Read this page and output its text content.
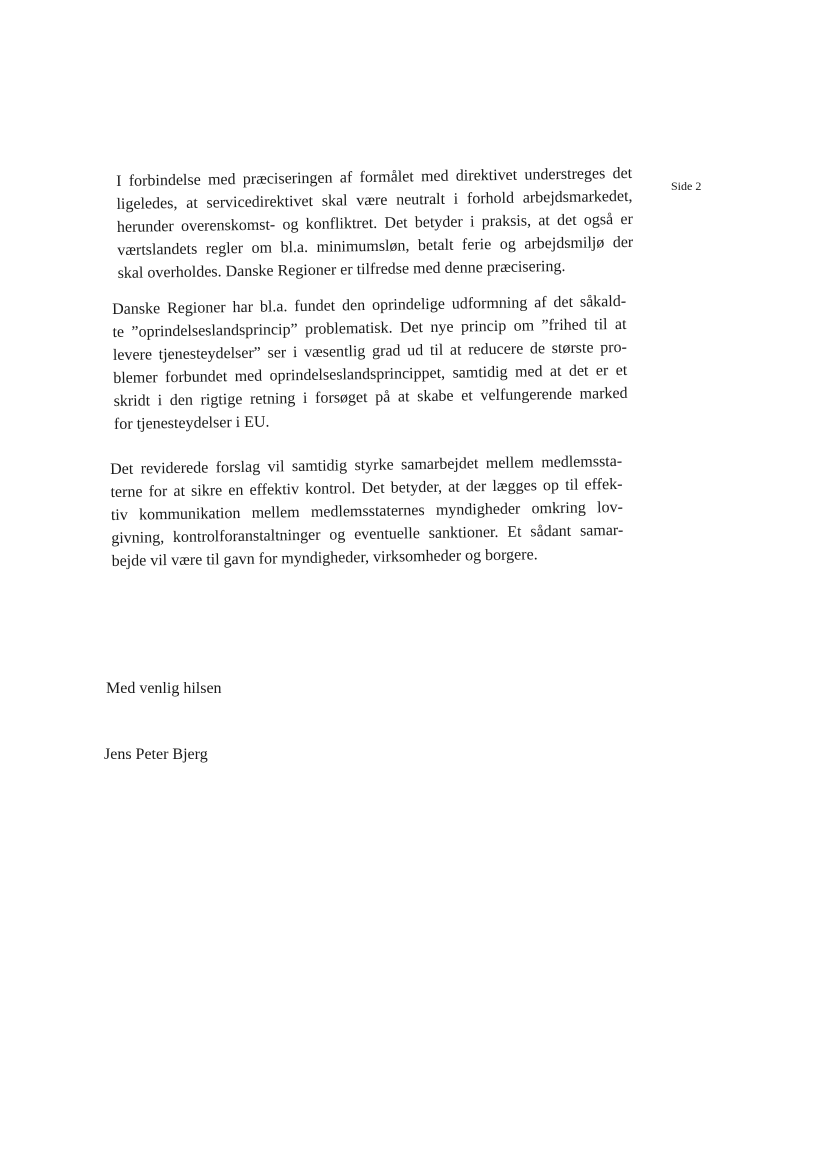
Side 2
I forbindelse med præciseringen af formålet med direktivet understreges det
ligeledes, at servicedirektivet skal være neutralt i forhold arbejdsmarkedet,
herunder overenskomst- og konfliktret. Det betyder i praksis, at det også er
værtslandets regler om bl.a. minimumsløn, betalt ferie og arbejdsmiljø der
skal overholdes. Danske Regioner er tilfredse med denne præcisering.
Danske Regioner har bl.a. fundet den oprindelige udformning af det såkald-
te ”oprindelseslandsprincip” problematisk. Det nye princip om ”frihed til at
levere tjenesteydelser” ser i væsentlig grad ud til at reducere de største pro-
blemer forbundet med oprindelseslandsprincippet, samtidig med at det er et
skridt i den rigtige retning i forsøget på at skabe et velfungerende marked
for tjenesteydelser i EU.
Det reviderede forslag vil samtidig styrke samarbejdet mellem medlemssta-
terne for at sikre en effektiv kontrol. Det betyder, at der lægges op til effek-
tiv kommunikation mellem medlemsstaternes myndigheder omkring lov-
givning, kontrolforanstaltninger og eventuelle sanktioner. Et sådant samar-
bejde vil være til gavn for myndigheder, virksomheder og borgere.
Med venlig hilsen
Jens Peter Bjerg
